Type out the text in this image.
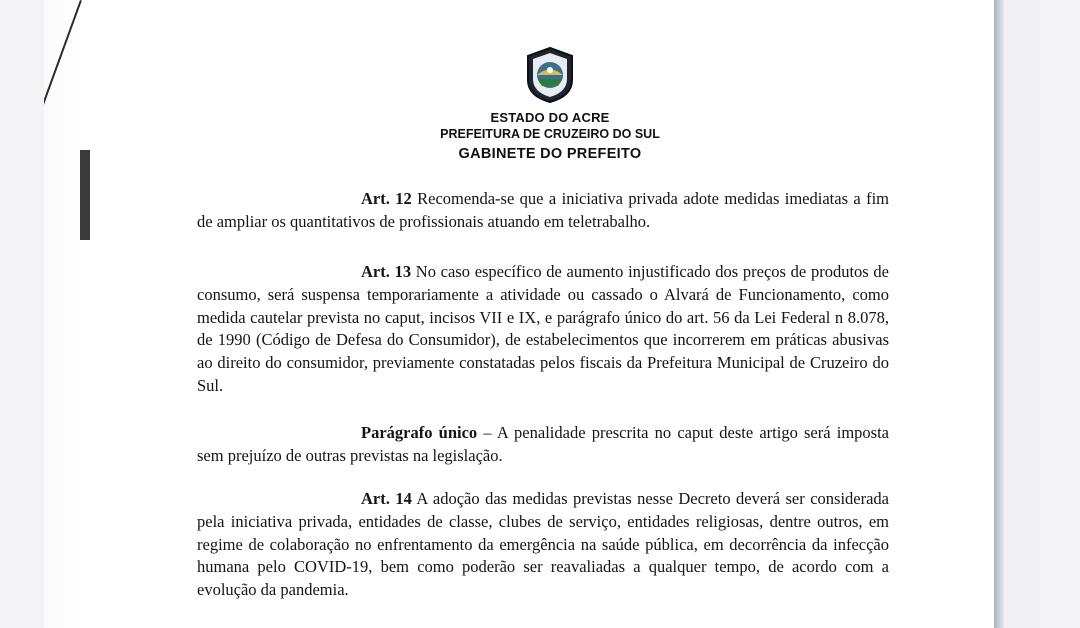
ESTADO DO ACRE
PREFEITURA DE CRUZEIRO DO SUL
GABINETE DO PREFEITO
Art. 12 Recomenda-se que a iniciativa privada adote medidas imediatas a fim de ampliar os quantitativos de profissionais atuando em teletrabalho.
Art. 13 No caso específico de aumento injustificado dos preços de produtos de consumo, será suspensa temporariamente a atividade ou cassado o Alvará de Funcionamento, como medida cautelar prevista no caput, incisos VII e IX, e parágrafo único do art. 56 da Lei Federal n 8.078, de 1990 (Código de Defesa do Consumidor), de estabelecimentos que incorrerem em práticas abusivas ao direito do consumidor, previamente constatadas pelos fiscais da Prefeitura Municipal de Cruzeiro do Sul.
Parágrafo único – A penalidade prescrita no caput deste artigo será imposta sem prejuízo de outras previstas na legislação.
Art. 14 A adoção das medidas previstas nesse Decreto deverá ser considerada pela iniciativa privada, entidades de classe, clubes de serviço, entidades religiosas, dentre outros, em regime de colaboração no enfrentamento da emergência na saúde pública, em decorrência da infecção humana pelo COVID-19, bem como poderão ser reavaliadas a qualquer tempo, de acordo com a evolução da pandemia.
